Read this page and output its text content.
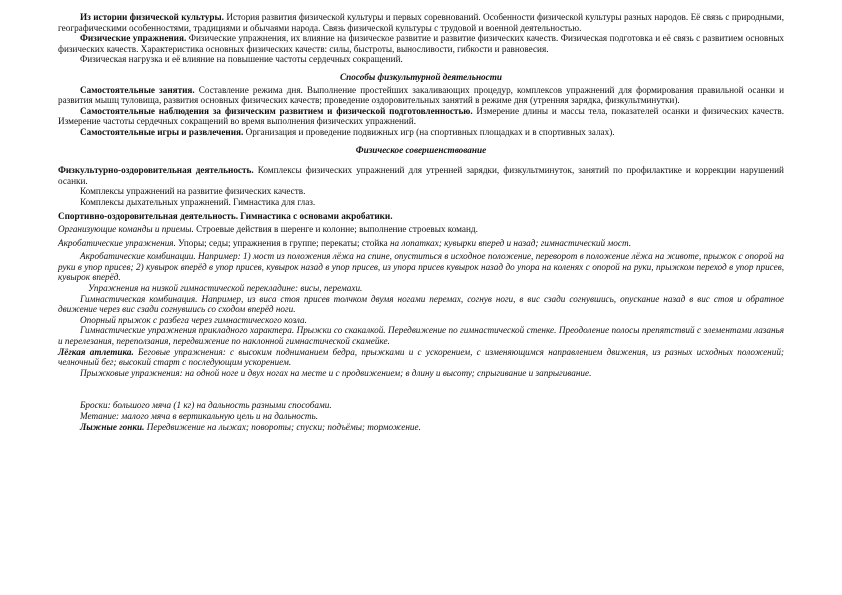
Из истории физической культуры. История развития физической культуры и первых соревнований. Особенности физической культуры разных народов. Её связь с природными, географическими особенностями, традициями и обычаями народа. Связь физической культуры с трудовой и военной деятельностью.

Физические упражнения. Физические упражнения, их влияние на физическое развитие и развитие физических качеств. Физическая подготовка и её связь с развитием основных физических качеств. Характеристика основных физических качеств: силы, быстроты, выносливости, гибкости и равновесия.

Физическая нагрузка и её влияние на повышение частоты сердечных сокращений.

Способы физкультурной деятельности

Самостоятельные занятия. Составление режима дня. Выполнение простейших закаливающих процедур, комплексов упражнений для формирования правильной осанки и развития мышц туловища, развития основных физических качеств; проведение оздоровительных занятий в режиме дня (утренняя зарядка, физкультминутки).

Самостоятельные наблюдения за физическим развитием и физической подготовленностью. Измерение длины и массы тела, показателей осанки и физических качеств. Измерение частоты сердечных сокращений во время выполнения физических упражнений.

Самостоятельные игры и развлечения. Организация и проведение подвижных игр (на спортивных площадках и в спортивных залах).

Физическое совершенствование

Физкультурно-оздоровительная деятельность. Комплексы физических упражнений для утренней зарядки, физкультминуток, занятий по профилактике и коррекции нарушений осанки.

Комплексы упражнений на развитие физических качеств.

Комплексы дыхательных упражнений. Гимнастика для глаз.

Спортивно-оздоровительная деятельность. Гимнастика с основами акробатики.

Организующие команды и приемы. Строевые действия в шеренге и колонне; выполнение строевых команд.

Акробатические упражнения. Упоры; седы; упражнения в группе; перекаты; стойка на лопатках; кувырки вперед и назад; гимнастический мост.

Акробатические комбинации. Например: 1) мост из положения лёжа на спине, опуститься в исходное положение, переворот в положение лёжа на животе, прыжок с опорой на руки в упор присев; 2) кувырок вперёд в упор присев, кувырок назад в упор присев, из упора присев кувырок назад до упора на коленях с опорой на руки, прыжком переход в упор присев, кувырок вперёд.

Упражнения на низкой гимнастической перекладине: висы, перемахи.

Гимнастическая комбинация. Например, из виса стоя присев толчком двумя ногами перемах, согнув ноги, в вис сзади согнувшись, опускание назад в вис стоя и обратное движение через вис сзади согнувшись со сходом вперёд ноги.

Опорный прыжок с разбега через гимнастического козла.

Гимнастические упражнения прикладного характера. Прыжки со скакалкой. Передвижение по гимнастической стенке. Преодоление полосы препятствий с элементами лазанья и перелезания, переползания, передвижение по наклонной гимнастической скамейке.

Лёгкая атлетика. Беговые упражнения: с высоким подниманием бедра, прыжками и с ускорением, с изменяющимся направлением движения, из разных исходных положений; челночный бег; высокий старт с последующим ускорением.

Прыжковые упражнения: на одной ноге и двух ногах на месте и с продвижением; в длину и высоту; спрыгивание и запрыгивание.

Броски: большого мяча (1 кг) на дальность разными способами.

Метание: малого мяча в вертикальную цель и на дальность.

Лыжные гонки. Передвижение на лыжах; повороты; спуски; подъёмы; торможение.
